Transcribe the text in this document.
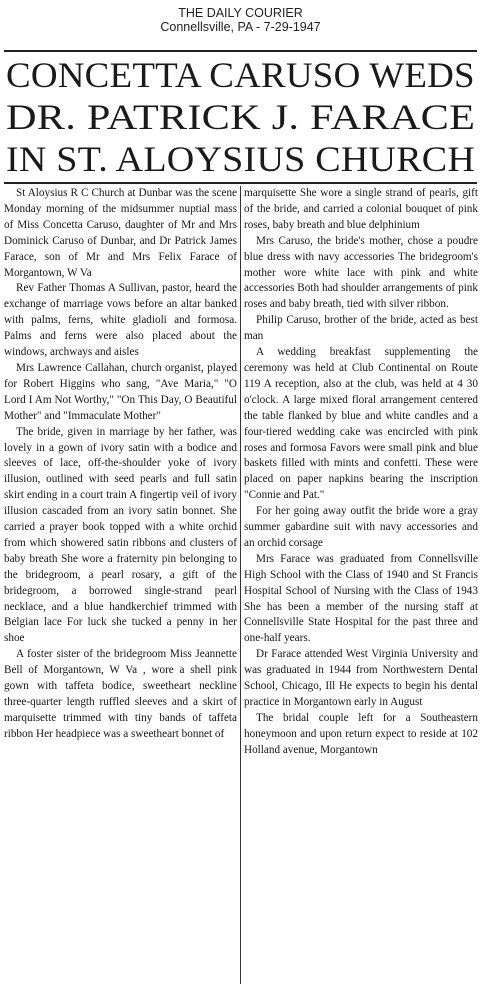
THE DAILY COURIER
Connellsville, PA - 7-29-1947
CONCETTA CARUSO WEDS
DR. PATRICK J. FARACE
IN ST. ALOYSIUS CHURCH

St Aloysius R C Church at Dunbar was the scene Monday morning of the midsummer nuptial mass of Miss Concetta Caruso, daughter of Mr and Mrs Dominick Caruso of Dunbar, and Dr Patrick James Farace, son of Mr and Mrs Felix Farace of Morgantown, W Va

Rev Father Thomas A Sullivan, pastor, heard the exchange of marriage vows before an altar banked with palms, ferns, white gladioli and formosa. Palms and ferns were also placed about the windows, archways and aisles

Mrs Lawrence Callahan, church organist, played for Robert Higgins who sang, "Ave Maria," "O Lord I Am Not Worthy," "On This Day, O Beautiful Mother" and "Immaculate Mother"

The bride, given in marriage by her father, was lovely in a gown of ivory satin with a bodice and sleeves of lace, off-the-shoulder yoke of ivory illusion, outlined with seed pearls and full satin skirt ending in a court train A fingertip veil of ivory illusion cascaded from an ivory satin bonnet. She carried a prayer book topped with a white orchid from which showered satin ribbons and clusters of baby breath She wore a fraternity pin belonging to the bridegroom, a pearl rosary, a gift of the bridegroom, a borrowed single-strand pearl necklace, and a blue handkerchief trimmed with Belgian lace For luck she tucked a penny in her shoe

A foster sister of the bridegroom Miss Jeannette Bell of Morgantown, W Va , wore a shell pink gown with taffeta bodice, sweetheart neckline three-quarter length ruffled sleeves and a skirt of marquisette trimmed with tiny bands of taffeta ribbon Her headpiece was a sweetheart bonnet of

marquisette She wore a single strand of pearls, gift of the bride, and carried a colonial bouquet of pink roses, baby breath and blue delphinium

Mrs Caruso, the bride's mother, chose a poudre blue dress with navy accessories The bridegroom's mother wore white lace with pink and white accessories Both had shoulder arrangements of pink roses and baby breath, tied with silver ribbon.

Philip Caruso, brother of the bride, acted as best man

A wedding breakfast supplementing the ceremony was held at Club Continental on Route 119 A reception, also at the club, was held at 4 30 o'clock. A large mixed floral arrangement centered the table flanked by blue and white candles and a four-tiered wedding cake was encircled with pink roses and formosa Favors were small pink and blue baskets filled with mints and confetti. These were placed on paper napkins bearing the inscription "Connie and Pat."

For her going away outfit the bride wore a gray summer gabardine suit with navy accessories and an orchid corsage

Mrs Farace was graduated from Connellsville High School with the Class of 1940 and St Francis Hospital School of Nursing with the Class of 1943 She has been a member of the nursing staff at Connellsville State Hospital for the past three and one-half years.

Dr Farace attended West Virginia University and was graduated in 1944 from Northwestern Dental School, Chicago, Ill He expects to begin his dental practice in Morgantown early in August

The bridal couple left for a Southeastern honeymoon and upon return expect to reside at 102 Holland avenue, Morgantown
